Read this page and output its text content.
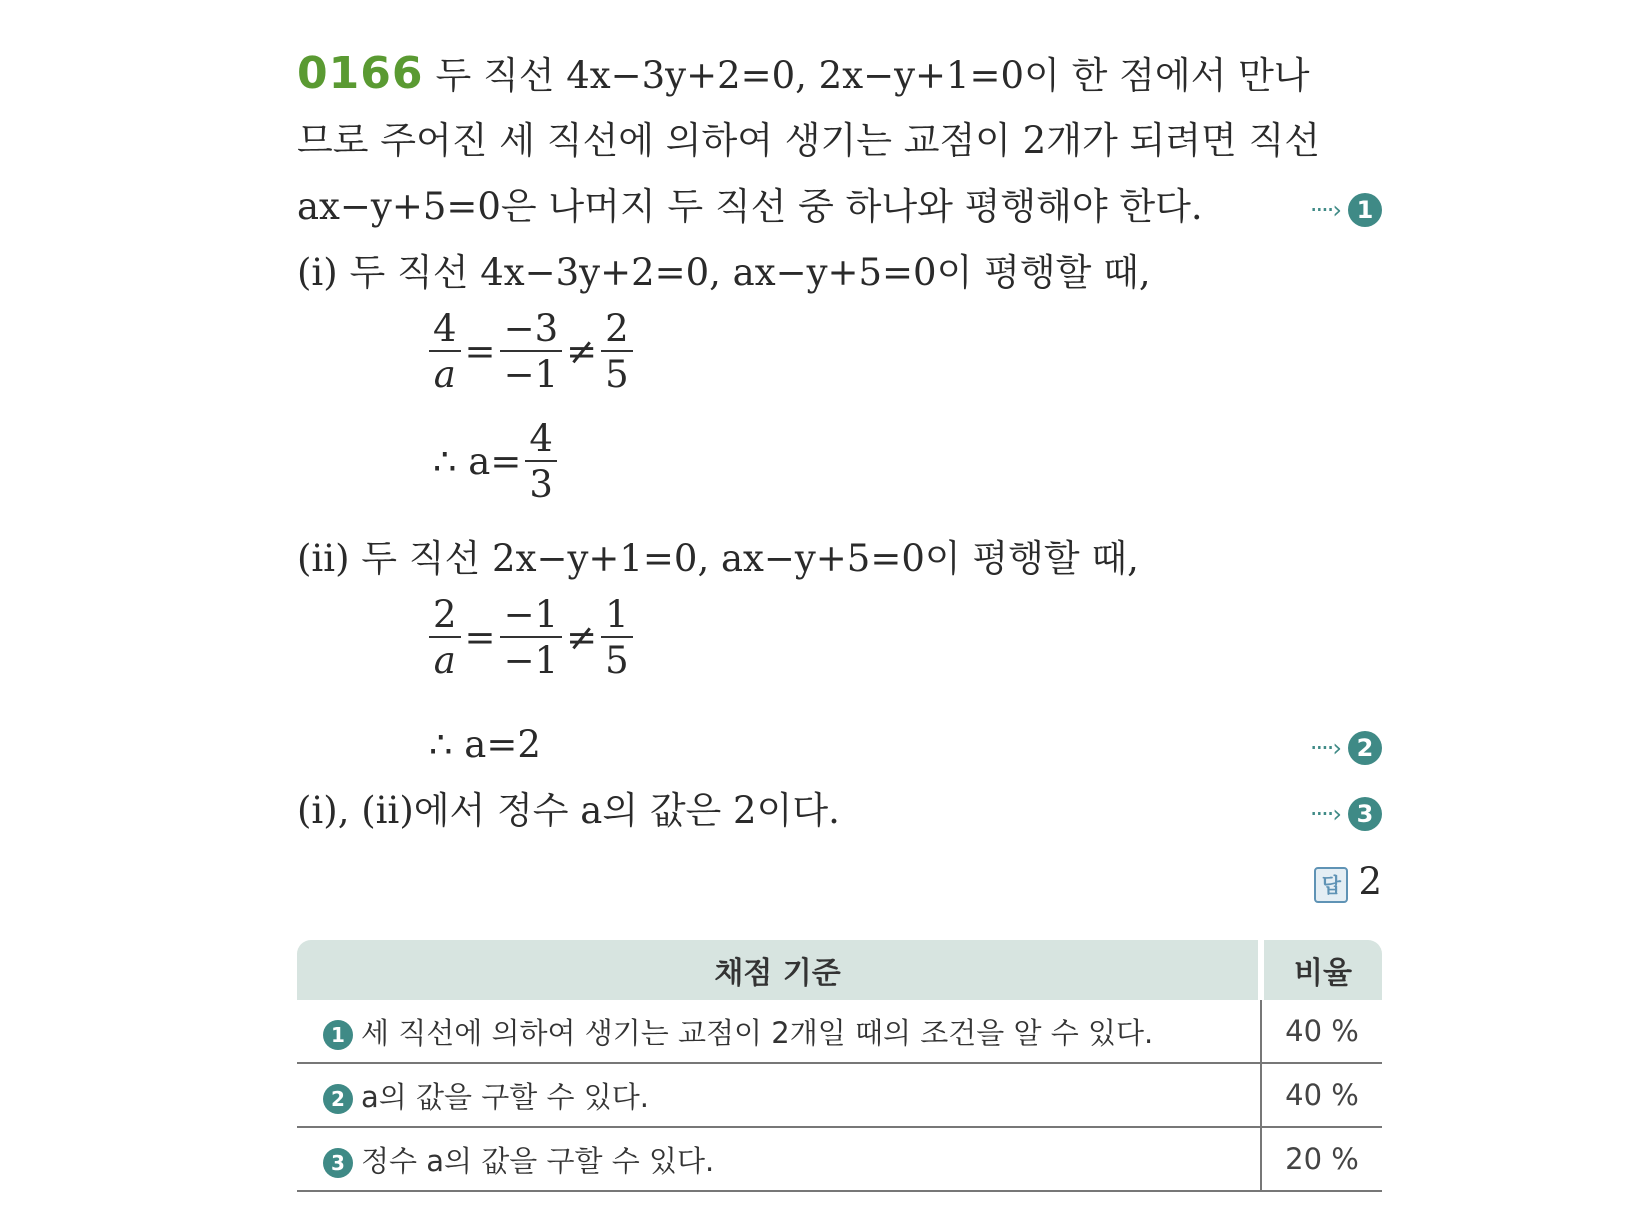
0166 두 직선 4x−3y+2=0, 2x−y+1=0이 한 점에서 만나
므로 주어진 세 직선에 의하여 생기는 교점이 2개가 되려면 직선
ax−y+5=0은 나머지 두 직선 중 하나와 평행해야 한다.	····› 1
(ⅰ) 두 직선 4x−3y+2=0, ax−y+5=0이 평행할 때,
$\frac{4}{a} = \frac{-3}{-1} \ne \frac{2}{5}$
∴ $a= \frac{4}{3}$
(ⅱ) 두 직선 2x−y+1=0, ax−y+5=0이 평행할 때,
$\frac{2}{a} = \frac{-1}{-1} \ne \frac{1}{5}$
∴ a=2	····› 2
(ⅰ), (ⅱ)에서 정수 a의 값은 2이다.	····› 3
답 2
채점 기준	비율
1 세 직선에 의하여 생기는 교점이 2개일 때의 조건을 알 수 있다.	40 %
2 a의 값을 구할 수 있다.	40 %
3 정수 a의 값을 구할 수 있다.	20 %
